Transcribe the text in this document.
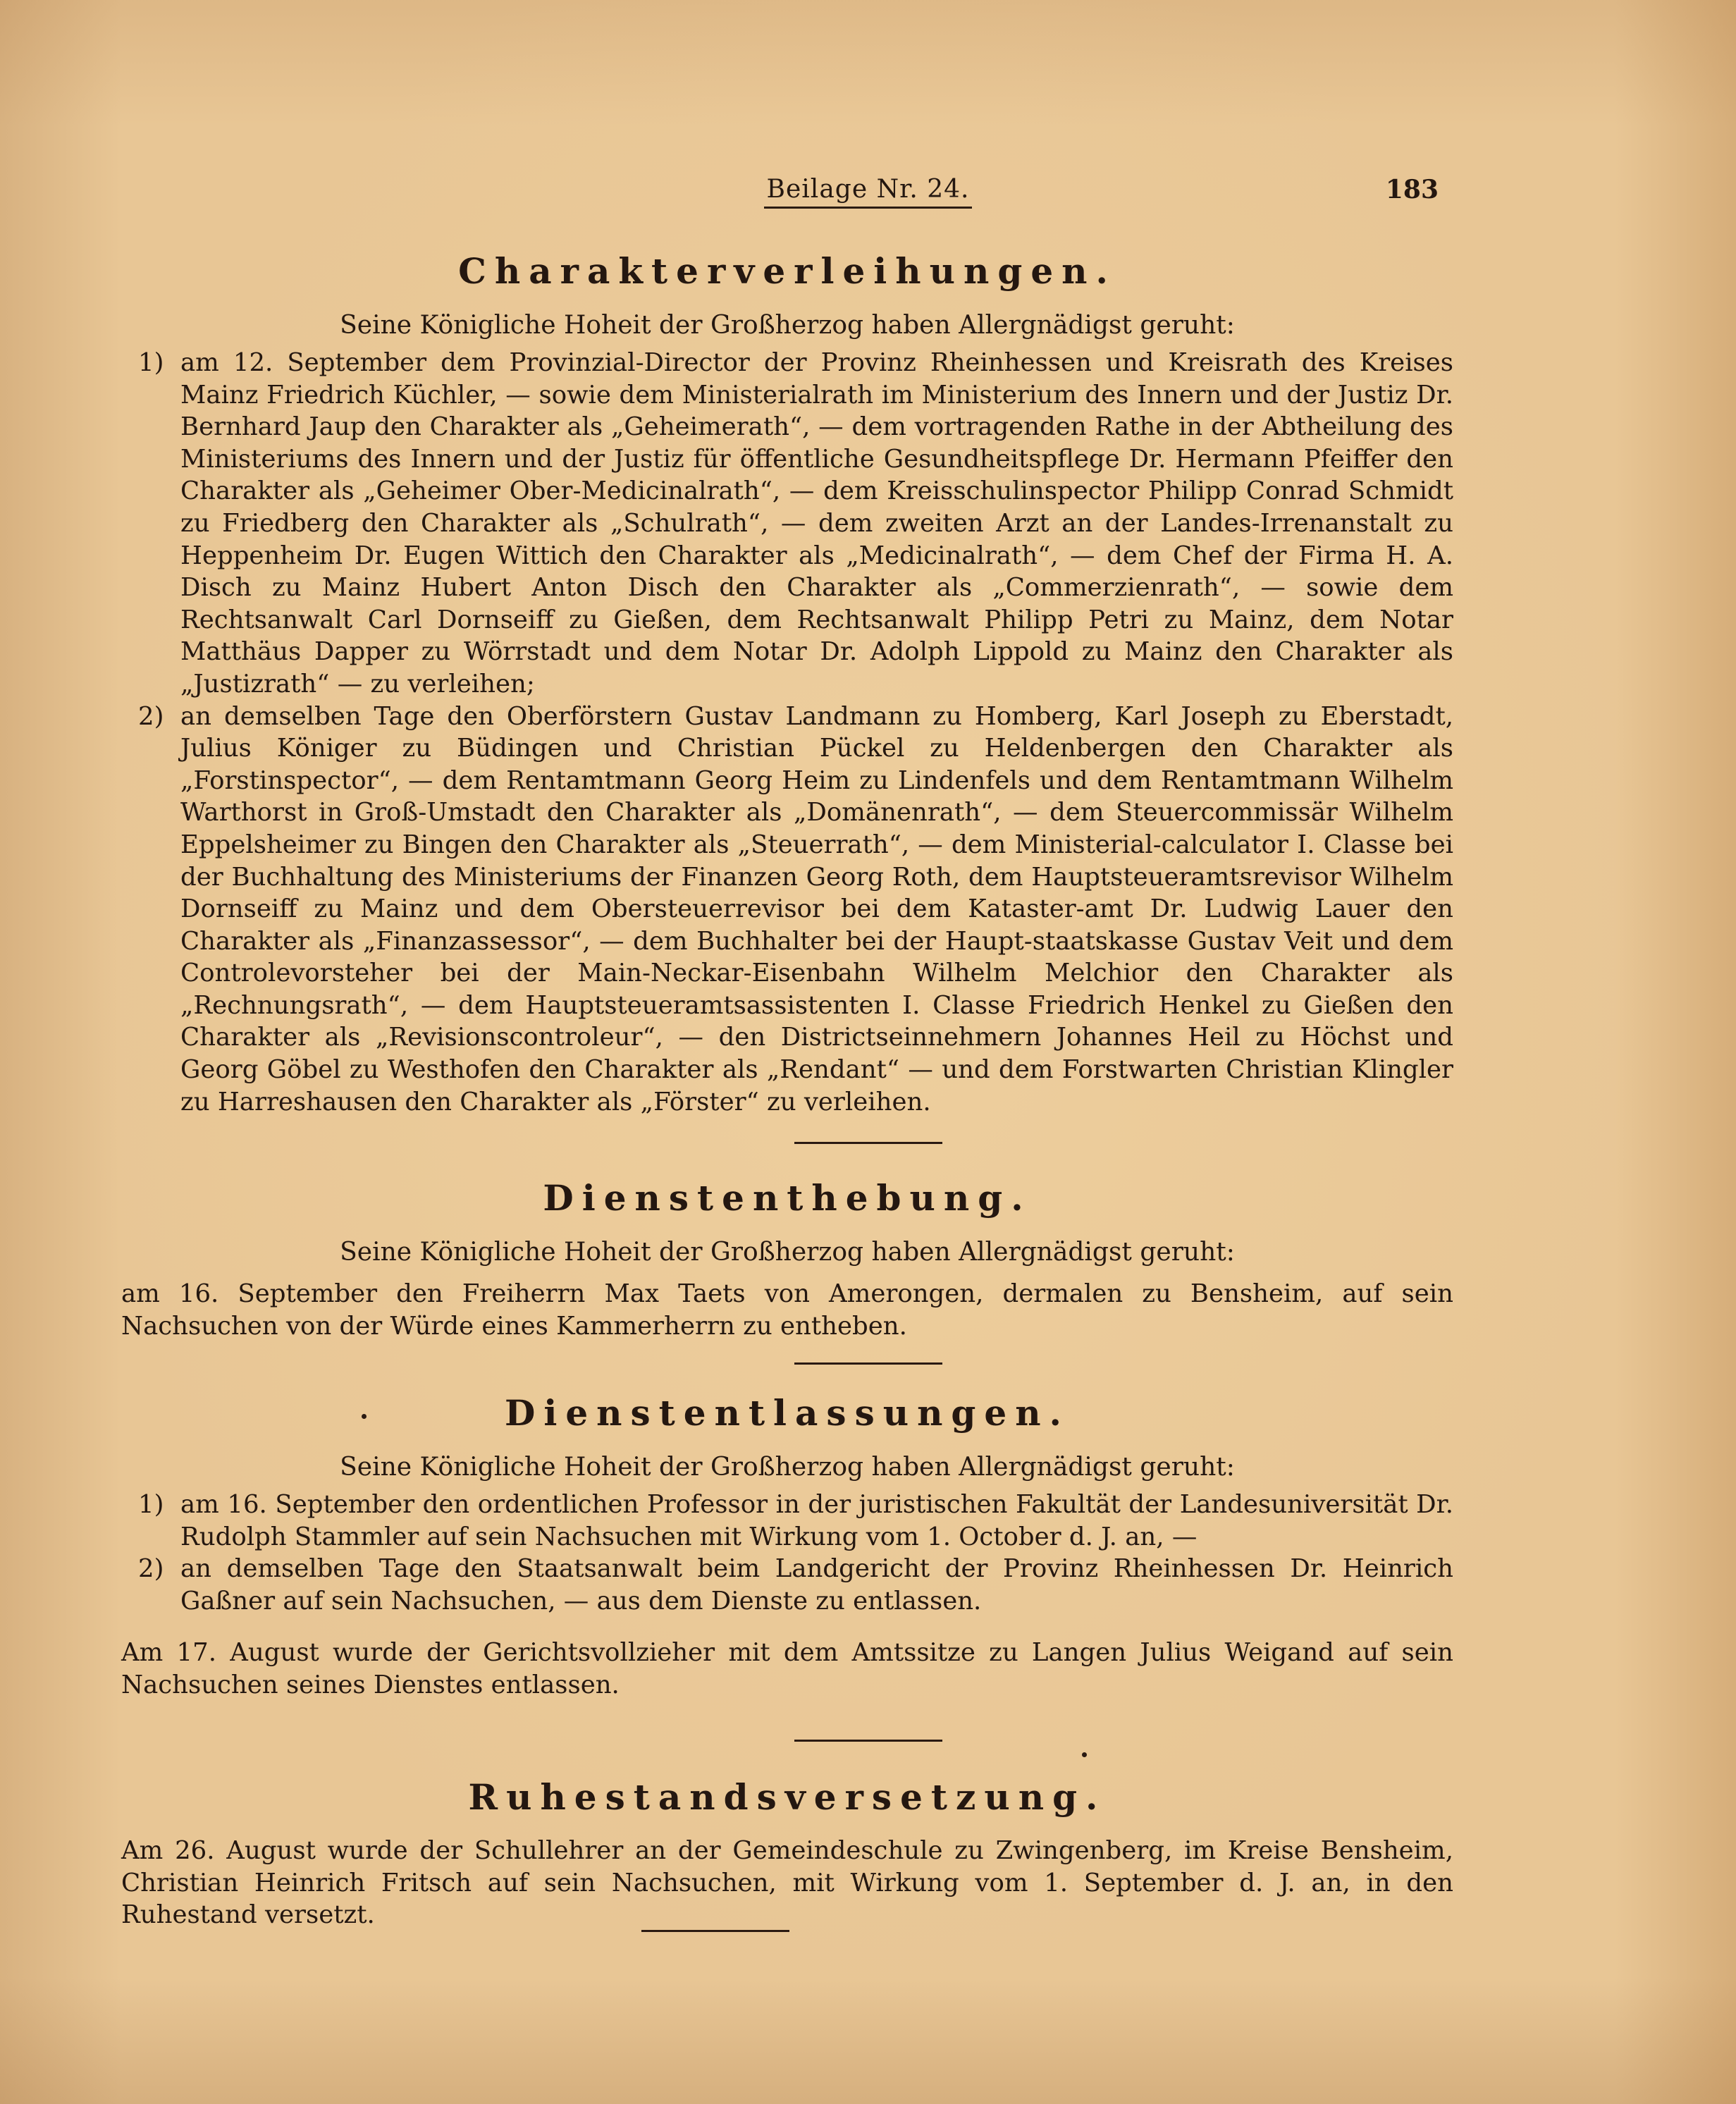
Beilage Nr. 24.	183
Charakterverleihungen.
Seine Königliche Hoheit der Großherzog haben Allergnädigst geruht:
1) am 12. September dem Provinzial-Director der Provinz Rheinhessen und Kreisrath des Kreises Mainz Friedrich Küchler, — sowie dem Ministerialrath im Ministerium des Innern und der Justiz Dr. Bernhard Jaup den Charakter als „Geheimerath“, — dem vortragenden Rathe in der Abtheilung des Ministeriums des Innern und der Justiz für öffentliche Gesundheitspflege Dr. Hermann Pfeiffer den Charakter als „Geheimer Ober-Medicinalrath“, — dem Kreisschulinspector Philipp Conrad Schmidt zu Friedberg den Charakter als „Schulrath“, — dem zweiten Arzt an der Landes-Irrenanstalt zu Heppenheim Dr. Eugen Wittich den Charakter als „Medicinalrath“, — dem Chef der Firma H. A. Disch zu Mainz Hubert Anton Disch den Charakter als „Commerzienrath“, — sowie dem Rechtsanwalt Carl Dornseiff zu Gießen, dem Rechtsanwalt Philipp Petri zu Mainz, dem Notar Matthäus Dapper zu Wörrstadt und dem Notar Dr. Adolph Lippold zu Mainz den Charakter als „Justizrath“ — zu verleihen;
2) an demselben Tage den Oberförstern Gustav Landmann zu Homberg, Karl Joseph zu Eberstadt, Julius Königer zu Büdingen und Christian Pückel zu Heldenbergen den Charakter als „Forstinspector“, — dem Rentamtmann Georg Heim zu Lindenfels und dem Rentamtmann Wilhelm Warthorst in Groß-Umstadt den Charakter als „Domänenrath“, — dem Steuercommissär Wilhelm Eppelsheimer zu Bingen den Charakter als „Steuerrath“, — dem Ministerial-calculator I. Classe bei der Buchhaltung des Ministeriums der Finanzen Georg Roth, dem Hauptsteueramtsrevisor Wilhelm Dornseiff zu Mainz und dem Obersteuerrevisor bei dem Kataster-amt Dr. Ludwig Lauer den Charakter als „Finanzassessor“, — dem Buchhalter bei der Haupt-staatskasse Gustav Veit und dem Controlevorsteher bei der Main-Neckar-Eisenbahn Wilhelm Melchior den Charakter als „Rechnungsrath“, — dem Hauptsteueramtsassistenten I. Classe Friedrich Henkel zu Gießen den Charakter als „Revisionscontroleur“, — den Districtseinnehmern Johannes Heil zu Höchst und Georg Göbel zu Westhofen den Charakter als „Rendant“ — und dem Forstwarten Christian Klingler zu Harreshausen den Charakter als „Förster“ zu verleihen.
Dienstenthebung.
Seine Königliche Hoheit der Großherzog haben Allergnädigst geruht:
am 16. September den Freiherrn Max Taets von Amerongen, dermalen zu Bensheim, auf sein Nachsuchen von der Würde eines Kammerherrn zu entheben.
Dienstentlassungen.
Seine Königliche Hoheit der Großherzog haben Allergnädigst geruht:
1) am 16. September den ordentlichen Professor in der juristischen Fakultät der Landesuniversität Dr. Rudolph Stammler auf sein Nachsuchen mit Wirkung vom 1. October d. J. an, —
2) an demselben Tage den Staatsanwalt beim Landgericht der Provinz Rheinhessen Dr. Heinrich Gaßner auf sein Nachsuchen, — aus dem Dienste zu entlassen.
Am 17. August wurde der Gerichtsvollzieher mit dem Amtssitze zu Langen Julius Weigand auf sein Nachsuchen seines Dienstes entlassen.
Ruhestandsversetzung.
Am 26. August wurde der Schullehrer an der Gemeindeschule zu Zwingenberg, im Kreise Bensheim, Christian Heinrich Fritsch auf sein Nachsuchen, mit Wirkung vom 1. September d. J. an, in den Ruhestand versetzt.
